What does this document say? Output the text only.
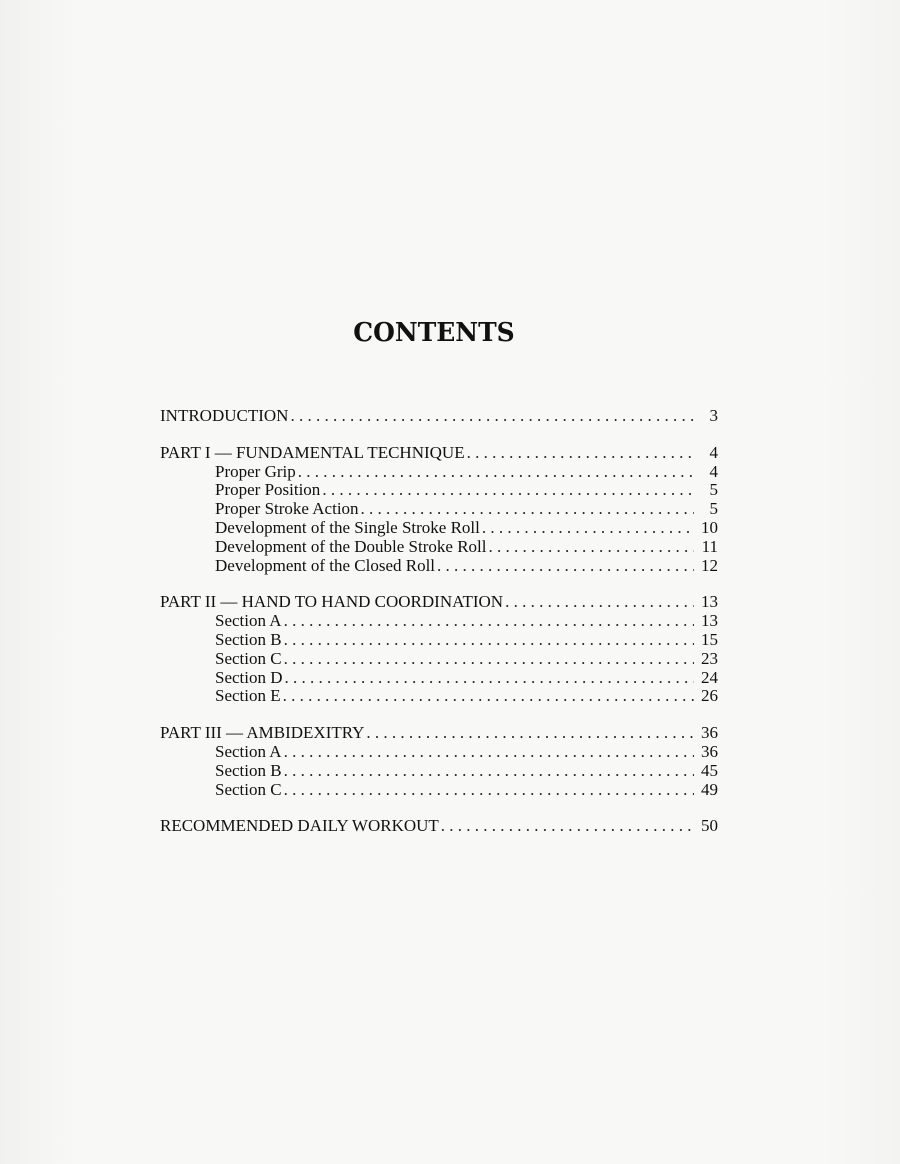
CONTENTS
INTRODUCTION . . .	3
PART I — FUNDAMENTAL TECHNIQUE . . .	4
Proper Grip . . .	4
Proper Position . . .	5
Proper Stroke Action . . .	5
Development of the Single Stroke Roll . . .	10
Development of the Double Stroke Roll . . .	11
Development of the Closed Roll . . .	12
PART II — HAND TO HAND COORDINATION . . .	13
Section A . . .	13
Section B . . .	15
Section C . . .	23
Section D . . .	24
Section E . . .	26
PART III — AMBIDEXITRY . . .	36
Section A . . .	36
Section B . . .	45
Section C . . .	49
RECOMMENDED DAILY WORKOUT . . .	50
